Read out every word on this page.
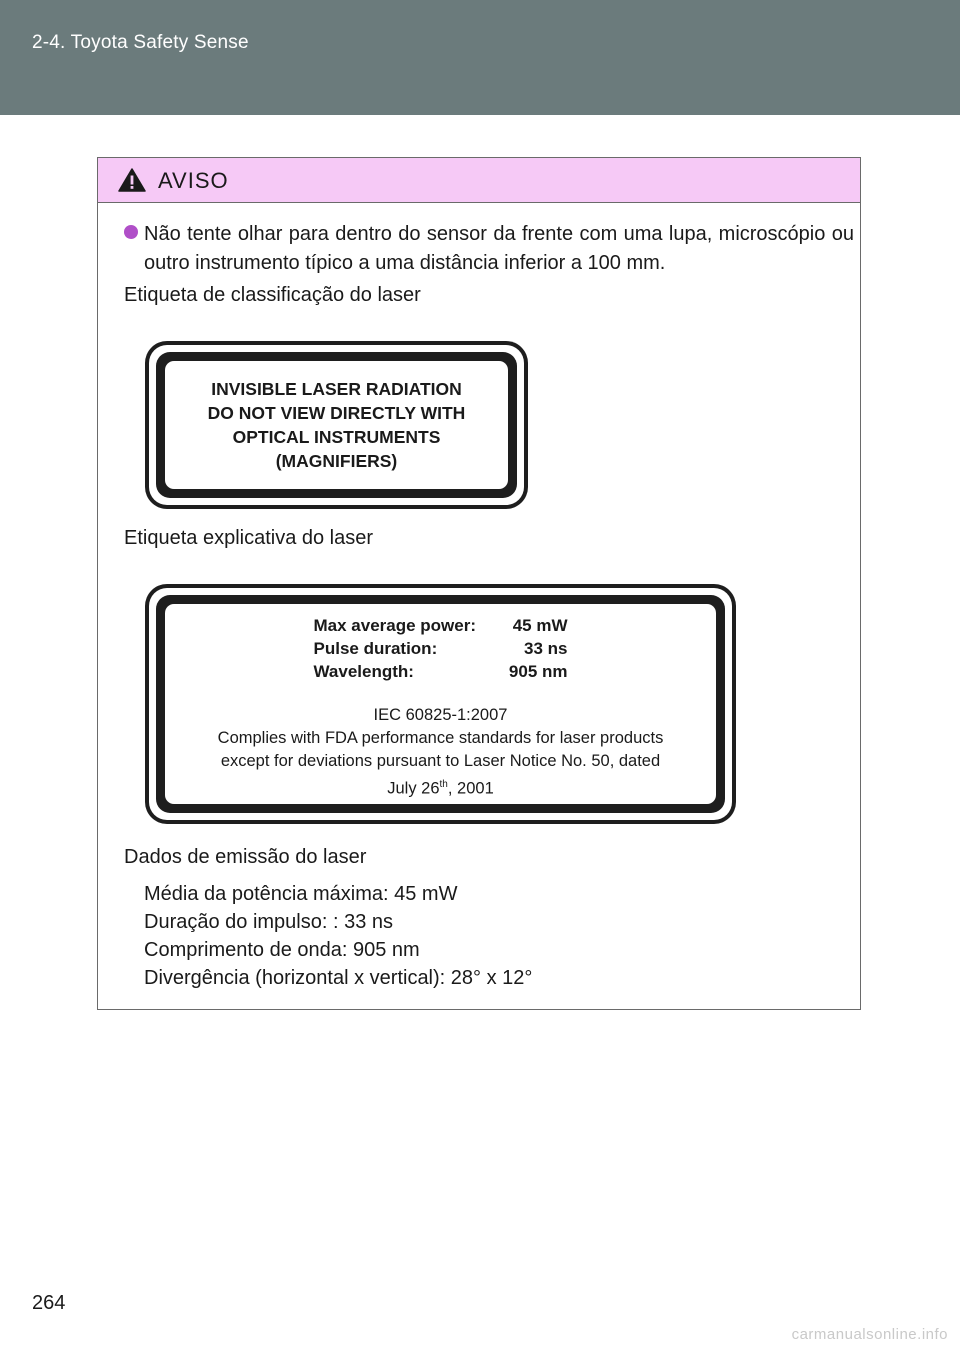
2-4. Toyota Safety Sense
AVISO
Não tente olhar para dentro do sensor da frente com uma lupa, microscópio ou outro instrumento típico a uma distância inferior a 100 mm.
Etiqueta de classificação do laser
INVISIBLE LASER RADIATION
DO NOT VIEW DIRECTLY WITH
OPTICAL INSTRUMENTS
(MAGNIFIERS)
Etiqueta explicativa do laser
Max average power:	45 mW
Pulse duration:	33 ns
Wavelength:	905 nm
IEC 60825-1:2007
Complies with FDA performance standards for laser products
except for deviations pursuant to Laser Notice No. 50, dated
July 26th, 2001
Dados de emissão do laser
Média da potência máxima: 45 mW
Duração do impulso: : 33 ns
Comprimento de onda: 905 nm
Divergência (horizontal x vertical): 28° x 12°
264
carmanualsonline.info
